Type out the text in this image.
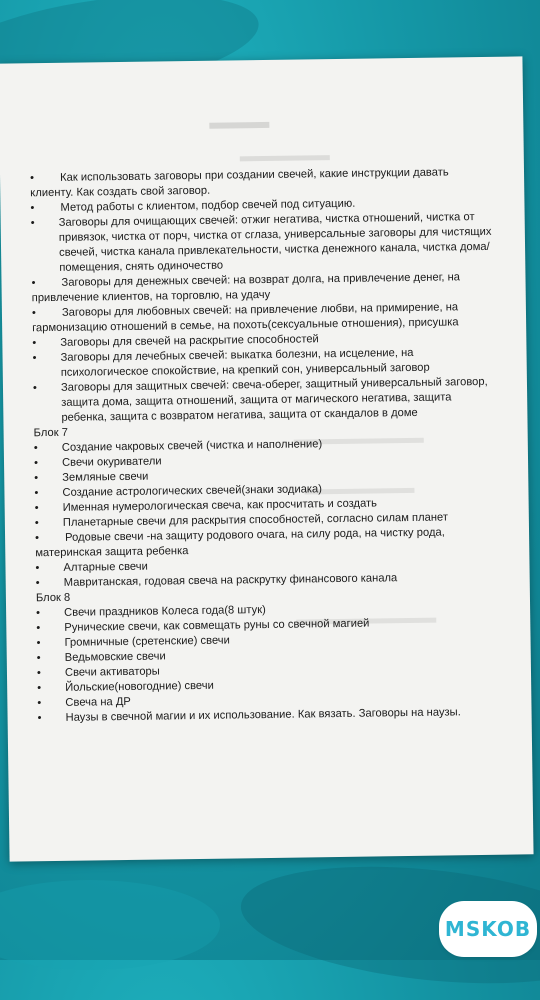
• Как использовать заговоры при создании свечей, какие инструкции давать клиенту. Как создать свой заговор.
• Метод работы с клиентом, подбор свечей под ситуацию.
•	Заговоры для очищающих свечей: отжиг негатива, чистка отношений, чистка от привязок, чистка от порч, чистка от сглаза, универсальные заговоры для чистящих свечей, чистка канала привлекательности, чистка денежного канала, чистка дома/помещения, снять одиночество
• Заговоры для денежных свечей: на возврат долга, на привлечение денег, на привлечение клиентов, на торговлю, на удачу
• Заговоры для любовных свечей: на привлечение любви, на примирение, на гармонизацию отношений в семье, на похоть(сексуальные отношения), присушка
•	Заговоры для свечей на раскрытие способностей
•	Заговоры для лечебных свечей: выкатка болезни, на исцеление, на психологическое спокойствие, на крепкий сон, универсальный заговор
•	Заговоры для защитных свечей: свеча-оберег, защитный универсальный заговор, защита дома, защита отношений, защита от магического негатива, защита ребенка, защита с возвратом негатива, защита от скандалов в доме
Блок 7
•	Создание чакровых свечей (чистка и наполнение)
•	Свечи окуриватели
•	Земляные свечи
•	Создание астрологических свечей(знаки зодиака)
•	Именная нумерологическая свеча, как просчитать и создать
•	Планетарные свечи для раскрытия способностей, согласно силам планет
• Родовые свечи -на защиту родового очага, на силу рода, на чистку рода, материнская защита ребенка
•	Алтарные свечи
•	Мавританская, годовая свеча на раскрутку финансового канала
Блок 8
•	Свечи праздников Колеса года(8 штук)
•	Рунические свечи, как совмещать руны со свечной магией
•	Громничные (сретенские) свечи
•	Ведьмовские свечи
•	Свечи активаторы
•	Йольские(новогодние) свечи
•	Свеча на ДР
•	Наузы в свечной магии и их использование. Как вязать. Заговоры на наузы.
MSKOB
